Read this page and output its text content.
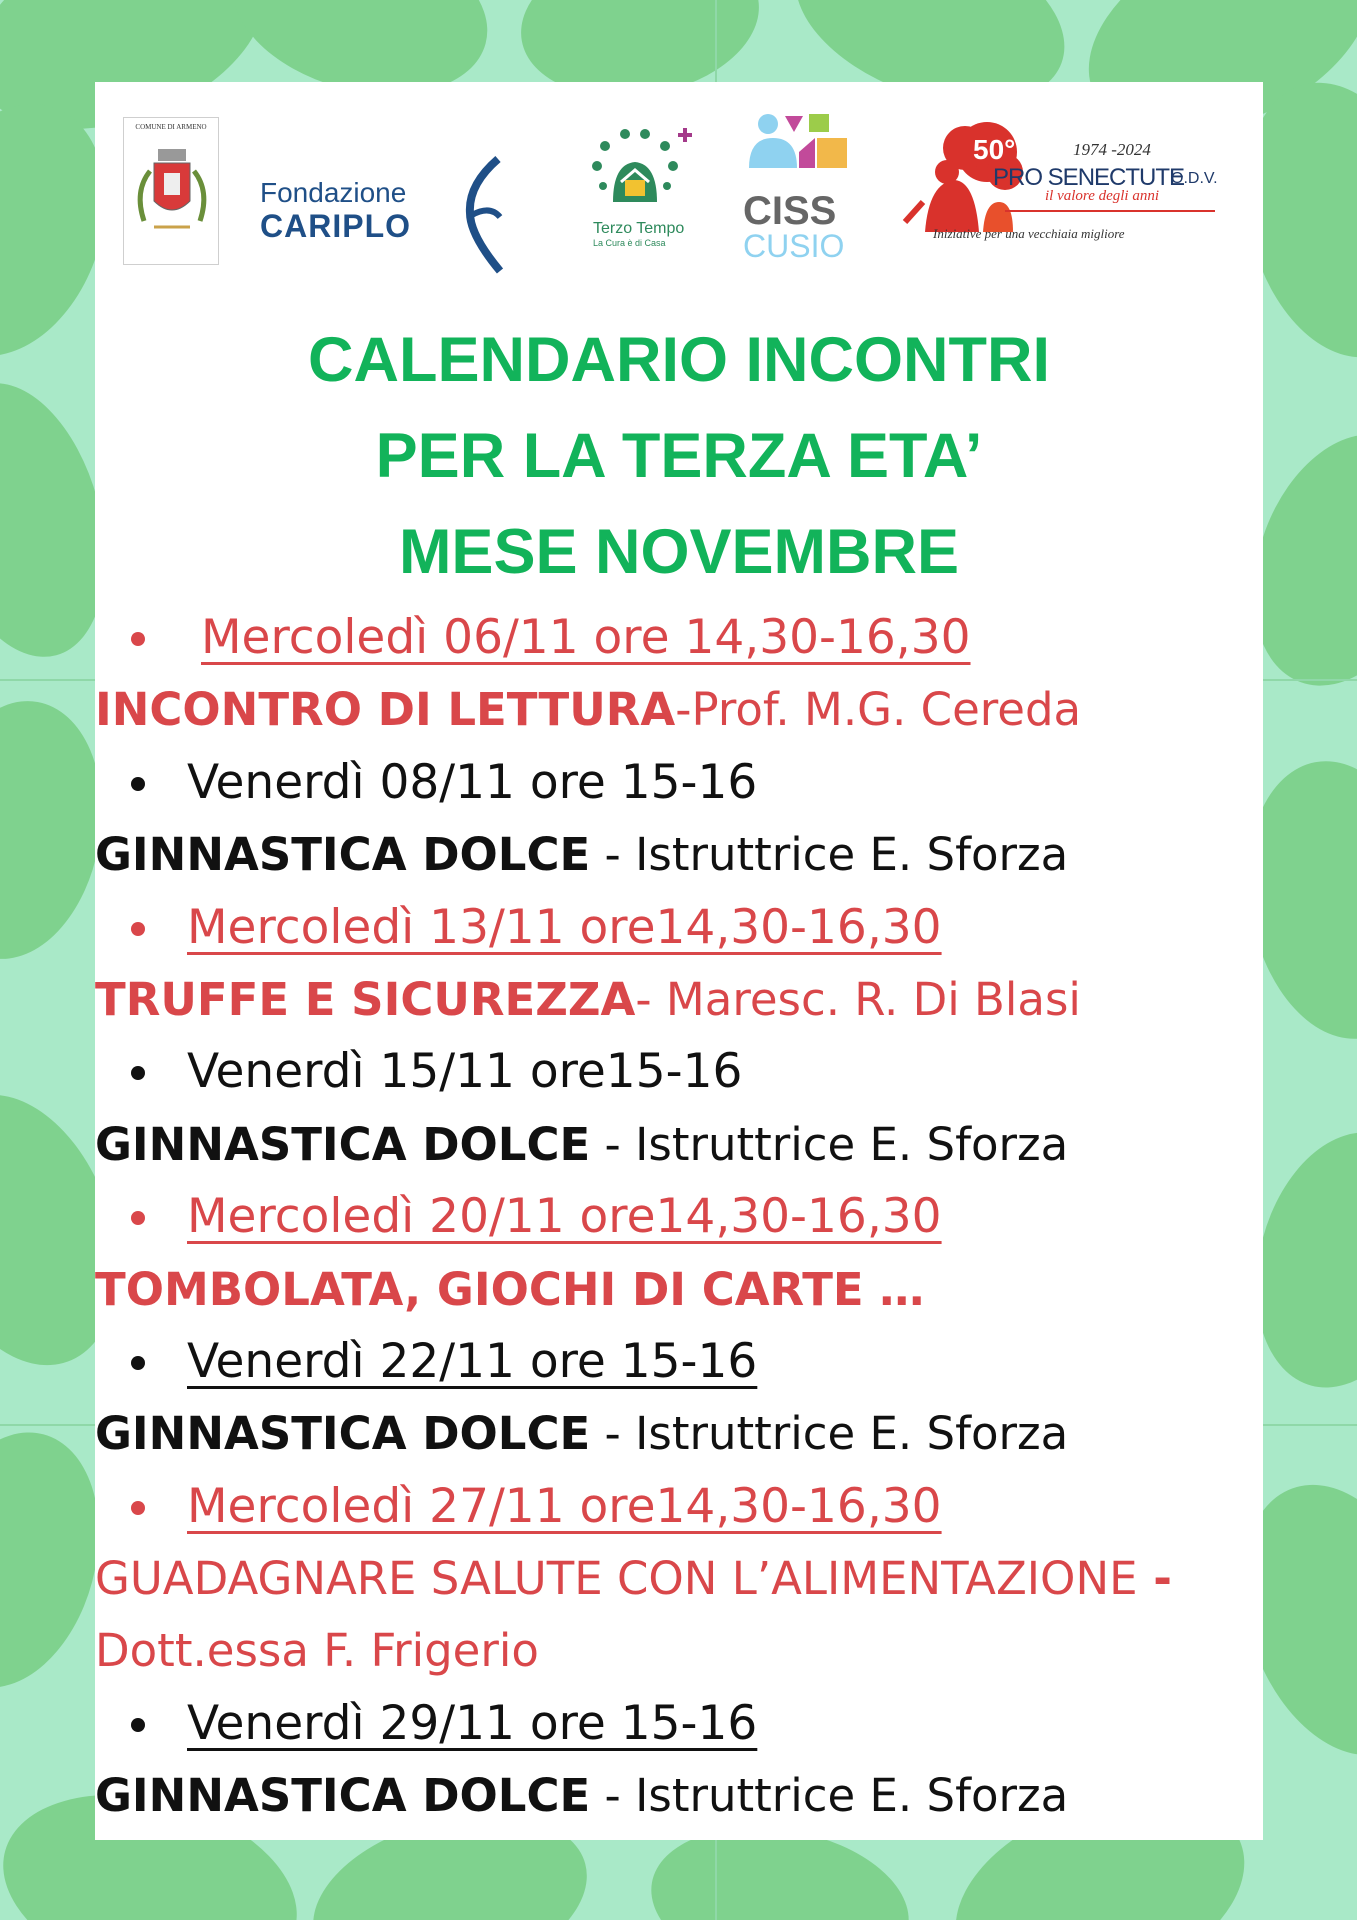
COMUNE DI ARMENO
Fondazione
CARIPLO	Terzo Tempo
La Cura è di Casa
CISS
CUSIO
50°	1974 -2024
PRO SENECTUTE
O.D.V.
il valore degli anni
Iniziative per una vecchiaia migliore
CALENDARIO INCONTRI
PER LA TERZA ETA’
MESE NOVEMBRE
Mercoledì 06/11 ore 14,30-16,30
INCONTRO DI LETTURA-Prof. M.G. Cereda
Venerdì 08/11 ore 15-16
GINNASTICA DOLCE - Istruttrice E. Sforza
Mercoledì 13/11 ore14,30-16,30
TRUFFE E SICUREZZA- Maresc. R. Di Blasi
Venerdì 15/11 ore15-16
GINNASTICA DOLCE - Istruttrice E. Sforza
Mercoledì 20/11 ore14,30-16,30
TOMBOLATA, GIOCHI DI CARTE …
Venerdì 22/11 ore 15-16
GINNASTICA DOLCE - Istruttrice E. Sforza
Mercoledì 27/11 ore14,30-16,30
GUADAGNARE SALUTE CON L’ALIMENTAZIONE -
Dott.essa F. Frigerio
Venerdì 29/11 ore 15-16
GINNASTICA DOLCE - Istruttrice E. Sforza
